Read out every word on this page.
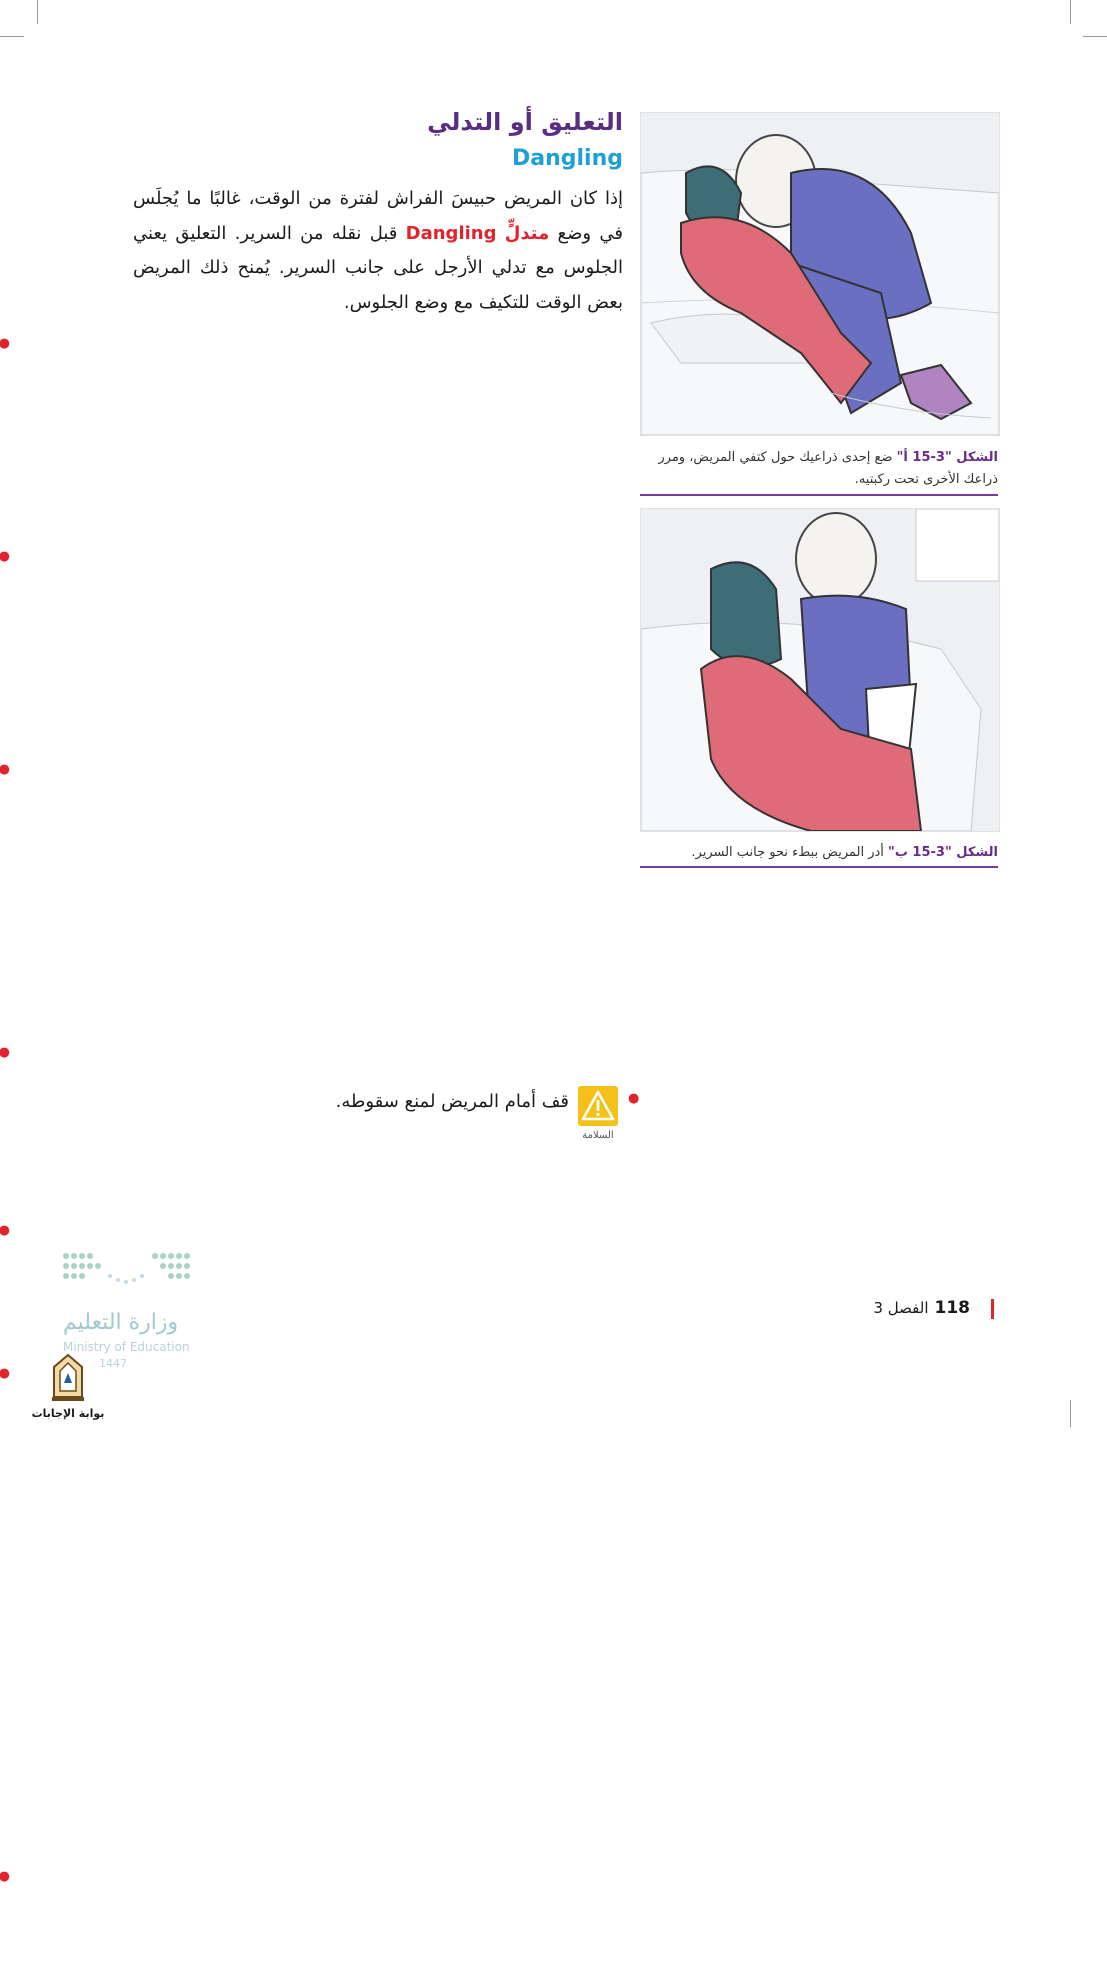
التعليق أو التدلي
Dangling

إذا كان المريض حبيسَ الفراش لفترة من الوقت، غالبًا ما يُجلَس في وضع متدلٍّ Dangling قبل نقله من السرير. التعليق يعني الجلوس مع تدلي الأرجل على جانب السرير. يُمنح ذلك المريض بعض الوقت للتكيف مع وضع الجلوس.

●
●
●
●
●
●
●
السلامة
قف أمام المريض لمنع سقوطه.
●
الشكل "3-15 أ" ضع إحدى ذراعيك حول كتفي المريض، ومرر ذراعك الأخرى تحت ركبتيه.
الشكل "3-15 ب" أدر المريض ببطء نحو جانب السرير.
118الفصل 3
وزارة التعليم
Ministry of Education
1447
بوابة الإجابات
